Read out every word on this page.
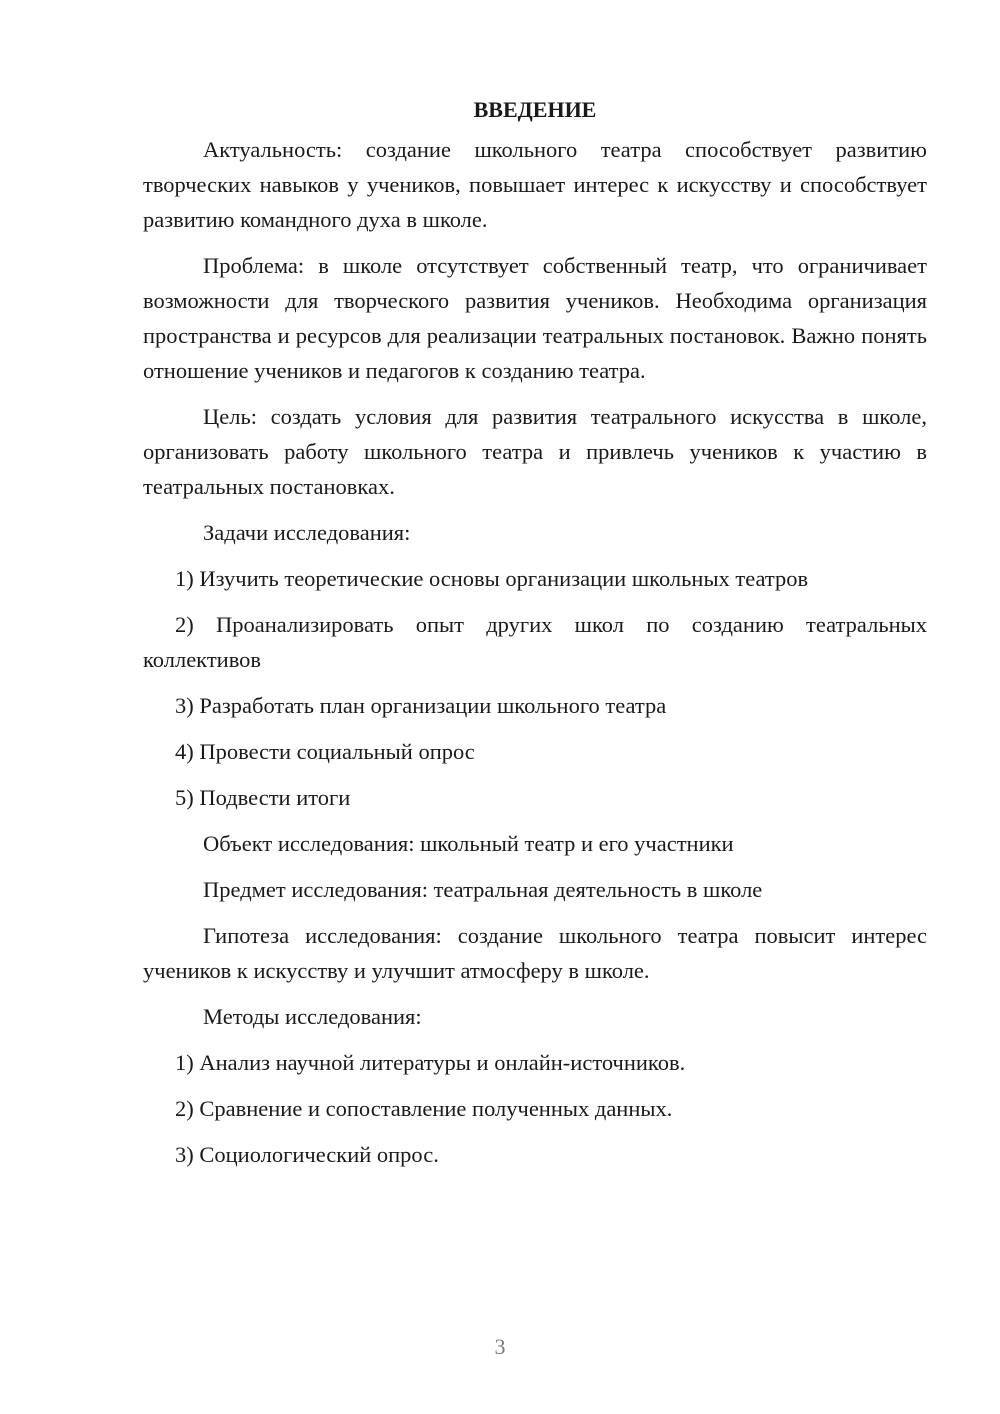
ВВЕДЕНИЕ
Актуальность: создание школьного театра способствует развитию творческих навыков у учеников, повышает интерес к искусству и способствует развитию командного духа в школе.
Проблема: в школе отсутствует собственный театр, что ограничивает возможности для творческого развития учеников. Необходима организация пространства и ресурсов для реализации театральных постановок. Важно понять отношение учеников и педагогов к созданию театра.
Цель: создать условия для развития театрального искусства в школе, организовать работу школьного театра и привлечь учеников к участию в театральных постановках.
Задачи исследования:
1) Изучить теоретические основы организации школьных театров
2) Проанализировать опыт других школ по созданию театральных коллективов
3) Разработать план организации школьного театра
4) Провести социальный опрос
5) Подвести итоги
Объект исследования: школьный театр и его участники
Предмет исследования: театральная деятельность в школе
Гипотеза исследования: создание школьного театра повысит интерес учеников к искусству и улучшит атмосферу в школе.
Методы исследования:
1) Анализ научной литературы и онлайн-источников.
2) Сравнение и сопоставление полученных данных.
3) Социологический опрос.
3
